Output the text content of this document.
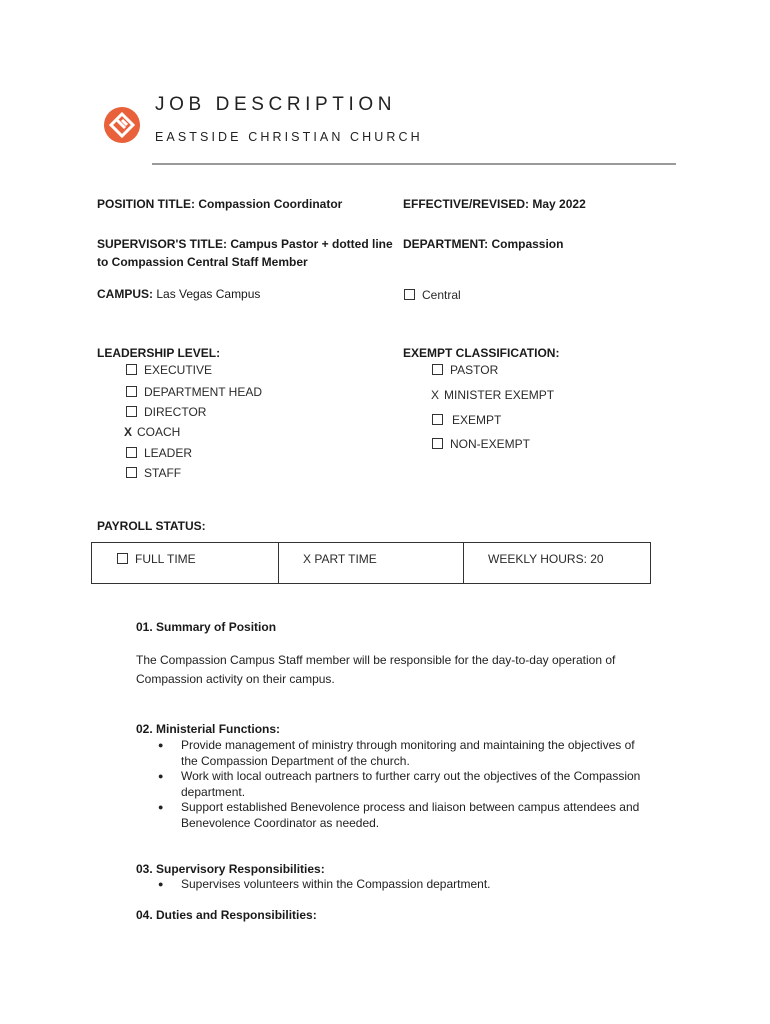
JOB DESCRIPTION
EASTSIDE CHRISTIAN CHURCH
POSITION TITLE: Compassion Coordinator	EFFECTIVE/REVISED: May 2022
SUPERVISOR'S TITLE: Campus Pastor + dotted line
to Compassion Central Staff Member
DEPARTMENT: Compassion
CAMPUS: Las Vegas Campus	Central
LEADERSHIP LEVEL:
EXECUTIVE
DEPARTMENT HEAD
DIRECTOR
X COACH
LEADER
STAFF
EXEMPT CLASSIFICATION:
PASTOR
X MINISTER EXEMPT
EXEMPT
NON-EXEMPT
PAYROLL STATUS:
FULL TIME	X PART TIME	WEEKLY HOURS: 20
01. Summary of Position
The Compassion Campus Staff member will be responsible for the day-to-day operation of Compassion activity on their campus.
02. Ministerial Functions:
● Provide management of ministry through monitoring and maintaining the objectives of
the Compassion Department of the church.
● Work with local outreach partners to further carry out the objectives of the Compassion
department.
● Support established Benevolence process and liaison between campus attendees and
Benevolence Coordinator as needed.
03. Supervisory Responsibilities:
● Supervises volunteers within the Compassion department.
04. Duties and Responsibilities:
